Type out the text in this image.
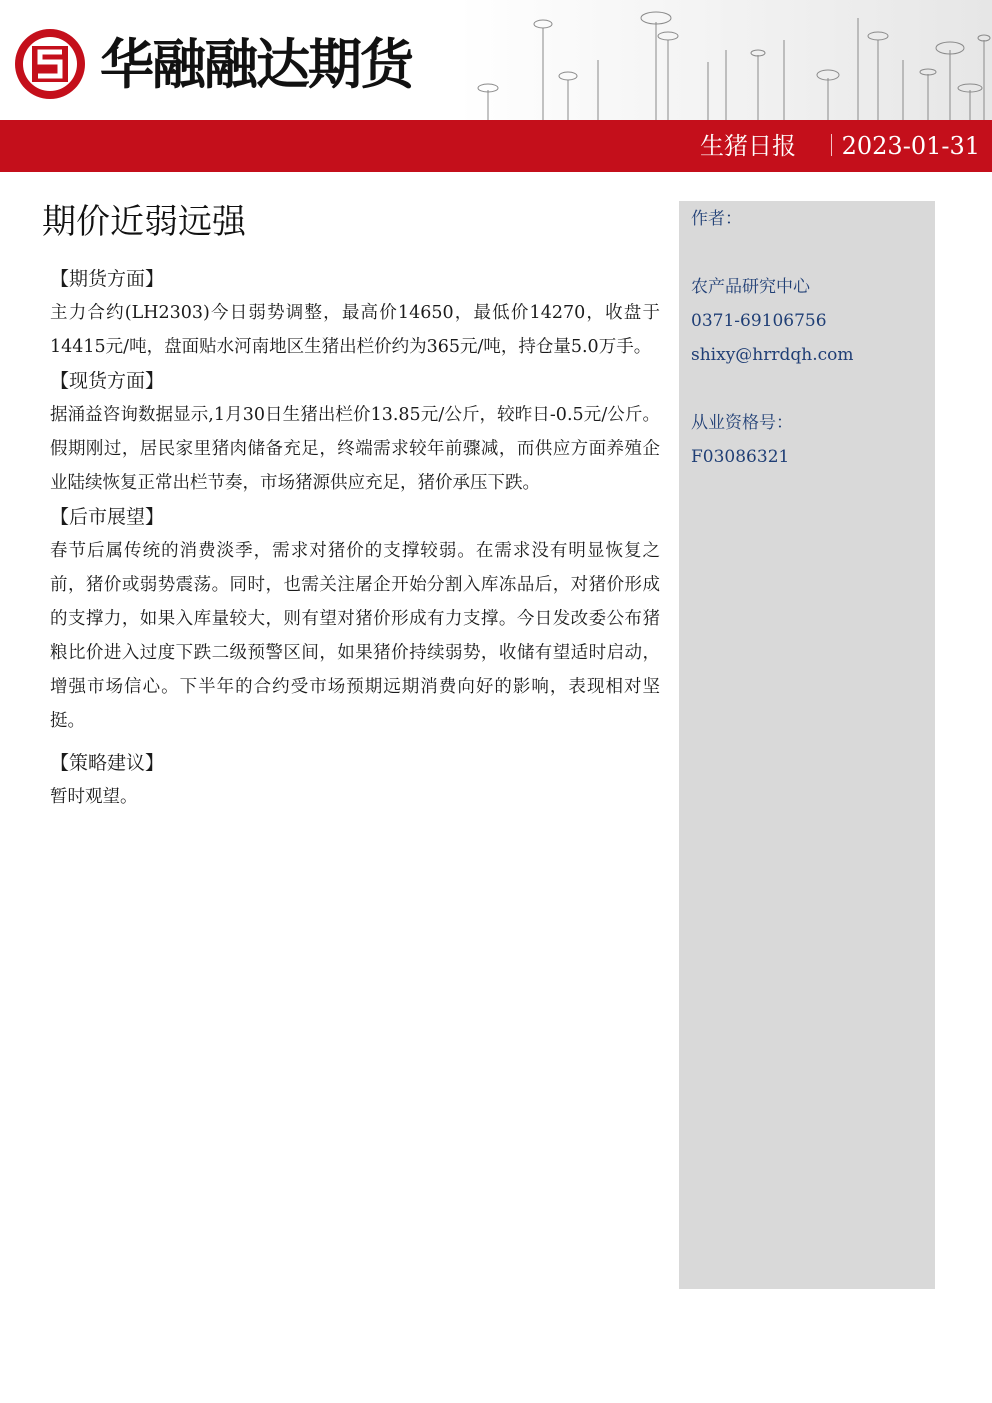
华融融达期货
生猪日报 2023-01-31
期价近弱远强

【期货方面】

主力合约(LH2303)今日弱势调整，最高价14650，最低价14270，收盘于14415元/吨，盘面贴水河南地区生猪出栏价约为365元/吨，持仓量5.0万手。

【现货方面】

据涌益咨询数据显示,1月30日生猪出栏价13.85元/公斤，较昨日-0.5元/公斤。假期刚过，居民家里猪肉储备充足，终端需求较年前骤减，而供应方面养殖企业陆续恢复正常出栏节奏，市场猪源供应充足，猪价承压下跌。

【后市展望】

春节后属传统的消费淡季，需求对猪价的支撑较弱。在需求没有明显恢复之前，猪价或弱势震荡。同时，也需关注屠企开始分割入库冻品后，对猪价形成的支撑力，如果入库量较大，则有望对猪价形成有力支撑。今日发改委公布猪粮比价进入过度下跌二级预警区间，如果猪价持续弱势，收储有望适时启动，增强市场信心。下半年的合约受市场预期远期消费向好的影响，表现相对坚挺。

【策略建议】

暂时观望。

作者：
农产品研究中心
0371-69106756
shixy@hrrdqh.com
从业资格号：
F03086321
